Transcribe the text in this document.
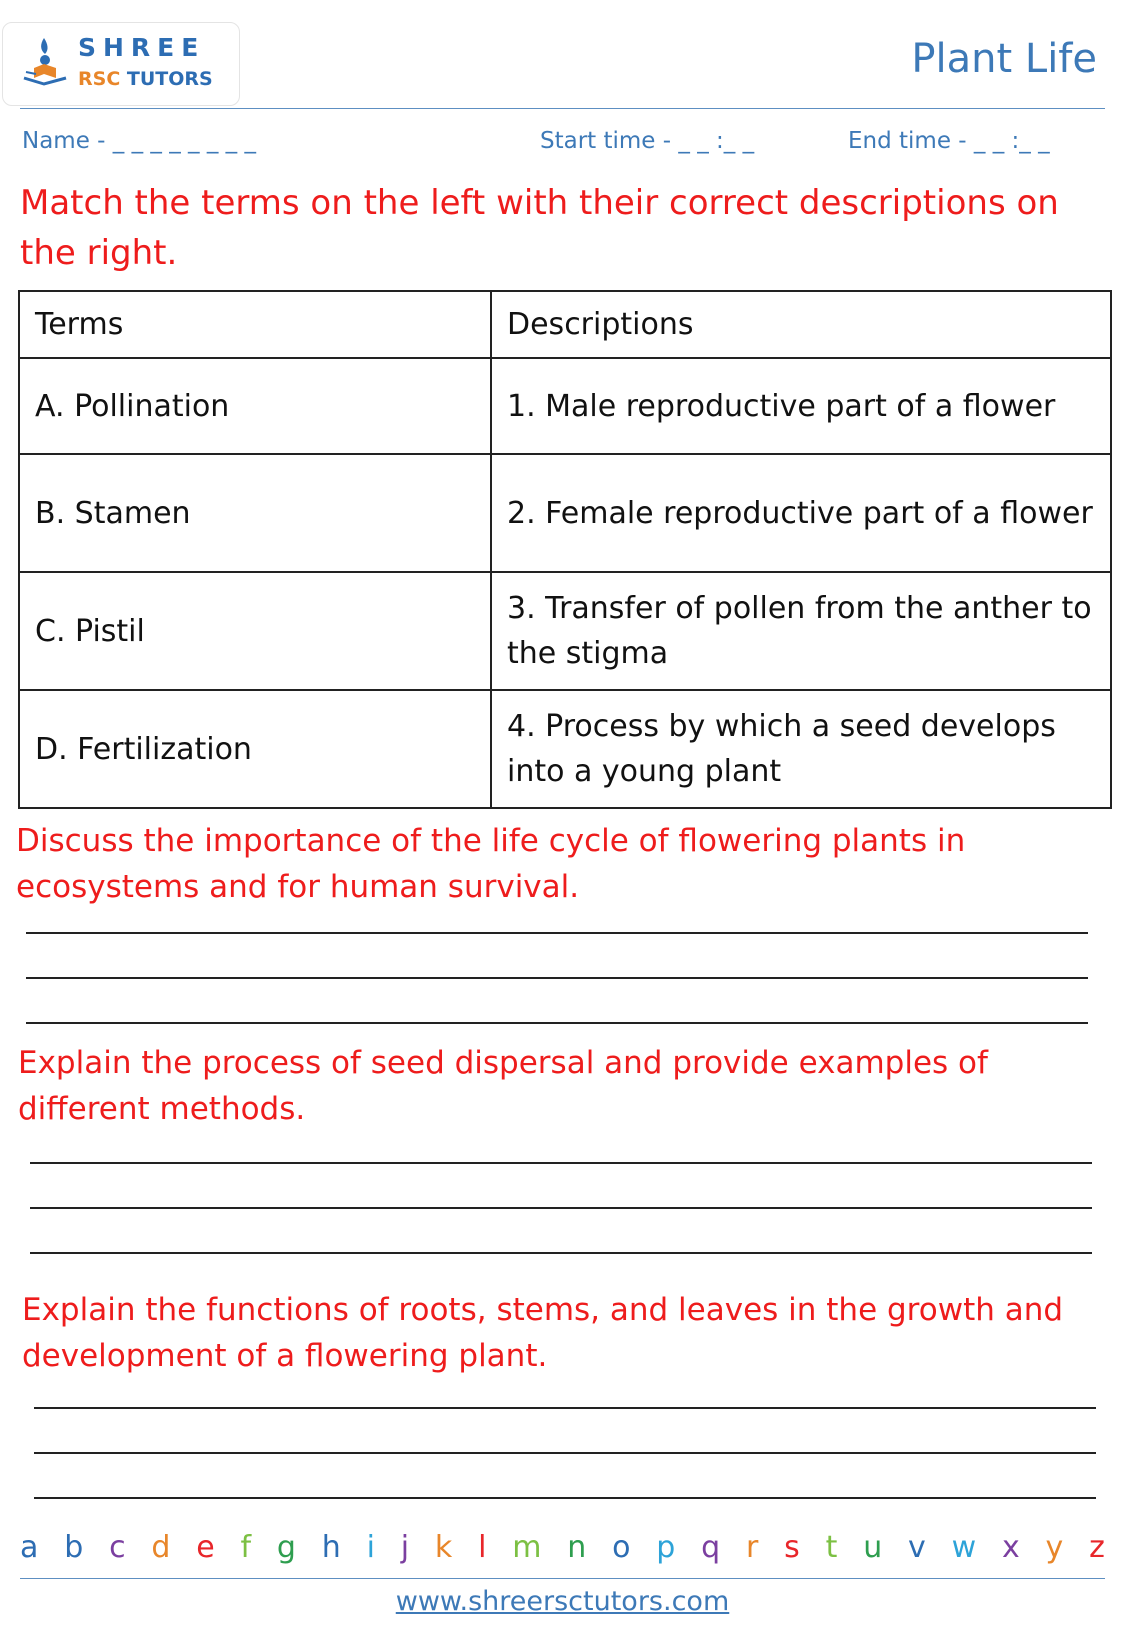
SHREE
RSC TUTORS	Plant Life
Name - _ _ _ _ _ _ _ _	Start time - _ _ :_ _	End time - _ _ :_ _
Match the terms on the left with their correct descriptions on the right.
Terms	Descriptions
A. Pollination	1. Male reproductive part of a flower
B. Stamen	2. Female reproductive part of a flower
C. Pistil	3. Transfer of pollen from the anther to the stigma
D. Fertilization	4. Process by which a seed develops into a young plant
Discuss the importance of the life cycle of flowering plants in ecosystems and for human survival.
Explain the process of seed dispersal and provide examples of different methods.
Explain the functions of roots, stems, and leaves in the growth and development of a flowering plant.
a b c d e f g h i j k l m n o p q r s t u v w x y z
www.shreersctutors.com
